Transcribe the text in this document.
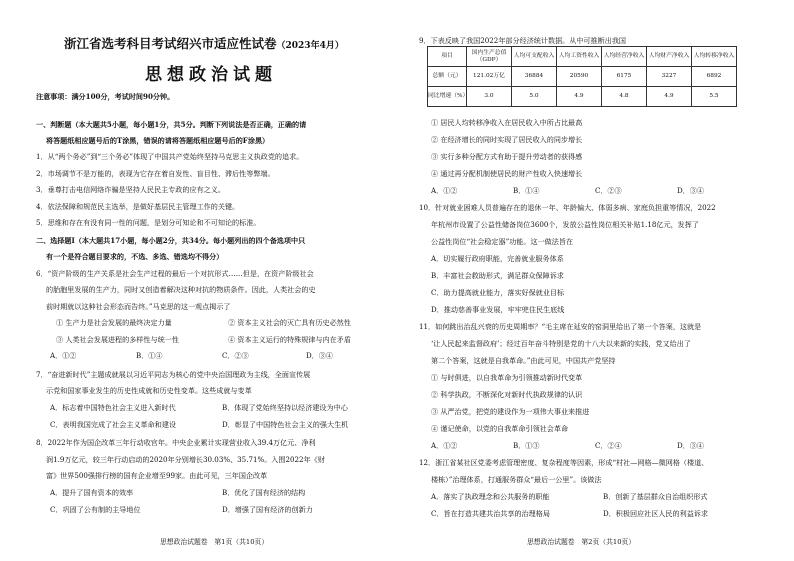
浙江省选考科目考试绍兴市适应性试卷（2023年4月）
思想政治试题
注意事项：满分100分，考试时间90分钟。
一、判断题（本大题共5小题，每小题1分，共5分。判断下列说法是否正确，正确的请
将答题纸相应题号后的T涂黑，错误的请将答题纸相应题号后的F涂黑）
1．从“两个务必”到“三个务必”体现了中国共产党始终坚持马克思主义执政党的追求。
2．市场调节不是万能的，表现为它存在着自发性、盲目性、滞后性等弊端。
3．垂尊打击电信网络诈骗是坚持人民民主专政的应有之义。
4．依法保障和规范民主选举，是做好基层民主管理工作的关键。
5．思维和存在有没有同一性的问题，是划分可知论和不可知论的标准。
二、选择题Ⅰ（本大题共17小题，每小题2分，共34分。每小题列出的四个备选项中只
有一个是符合题目要求的，不选、多选、错选均不得分）
6．“资产阶级的生产关系是社会生产过程的最后一个对抗形式……但是，在资产阶级社会
的胎胞里发展的生产力，同时又创造着解决这种对抗的物质条件。因此，人类社会的史
前时期就以这种社会形态而告终。”马克思的这一观点揭示了
① 生产力是社会发展的最终决定力量	② 资本主义社会的灭亡具有历史必然性
③ 人类社会发展进程的多样性与统一性	④ 资本主义运行的特殊规律与内在矛盾
A．①②	B．①④	C．②③	D．③④
7．“奋进新时代”主题成就展以习近平同志为核心的党中央治国理政为主线，全面宣传展
示党和国家事业发生的历史性成就和历史性变革。这些成就与变革
A．标志着中国特色社会主义进入新时代	B．体现了党始终坚持以经济建设为中心
C．表明我国完成了社会主义革命和建设	D．彰显了中国特色社会主义的强大生机
8．2022年作为国企改革三年行动收官年。中央企业累计实现营业收入39.4万亿元、净利
润1.9万亿元，较三年行动启动的2020年分别增长30.03%、35.71%。入围2022年《财
富》世界500强排行榜的国有企业增至99家。由此可见，三年国企改革
A．提升了国有资本的效率	B．优化了国有经济的结构
C．巩固了公有制的主导地位	D．增强了国有经济的创新力
思想政治试题卷　第1页（共10页）
9．下表反映了我国2022年部分经济统计数据。从中可推断出我国
项目	国内生产总值（GDP）	人均可支配收入	人均工资性收入	人均经营净收入	人均财产净收入	人均转移净收入
总额（元）	121.02万亿	36884	20590	6175	3227	6892
同比增速（%）	3.0	5.0	4.9	4.8	4.9	5.5
① 居民人均转移净收入在居民收入中所占比最高
② 在经济增长的同时实现了居民收入的同步增长
③ 实行多种分配方式有助于提升劳动者的获得感
④ 通过再分配机制使居民的财产性收入快速增长
A．①②	B．①④	C．②③	D．③④
10．针对就业困难人员普遍存在的退休一年、年龄偏大、体弱多病、家庭负担重等情况，2022
年杭州市设置了公益性储备岗位3600个，发放公益性岗位相关补贴1.18亿元，发挥了
公益性岗位“社会稳定器”功能。这一做法旨在
A．切实履行政府职能，完善就业服务体系
B．丰富社会救助形式，满足群众保障诉求
C．助力提高就业能力，落实好保就业目标
D．推动慈善事业发展，牢牢兜住民生底线
11．如何跳出治乱兴衰的历史周期率？“毛主席在延安的窑洞里给出了第一个答案，这就是
‘让人民起来监督政府’；经过百年奋斗特别是党的十八大以来新的实践，党又给出了
第二个答案，这就是自我革命。”由此可见，中国共产党坚持
① 与时俱进，以自我革命为引领推动新时代变革
② 科学执政，不断深化对新时代执政规律的认识
③ 从严治党，把党的建设作为一项伟大事业来推进
④ 谨记使命，以党的自我革命引领社会革命
A．①②	B．①③	C．②④	D．③④
12．浙江省某社区党委考虑管理密度、复杂程度等因素，形成“村社—网格—微网格（楼道、
楼栋）”治理体系，打通服务群众“最后一公里”。该做法
A．落实了执政理念和公共服务的职能	B．创新了基层群众自治组织形式
C．旨在打造共建共治共享的治理格局	D．积极回应社区人民的利益诉求
思想政治试题卷　第2页（共10页）
